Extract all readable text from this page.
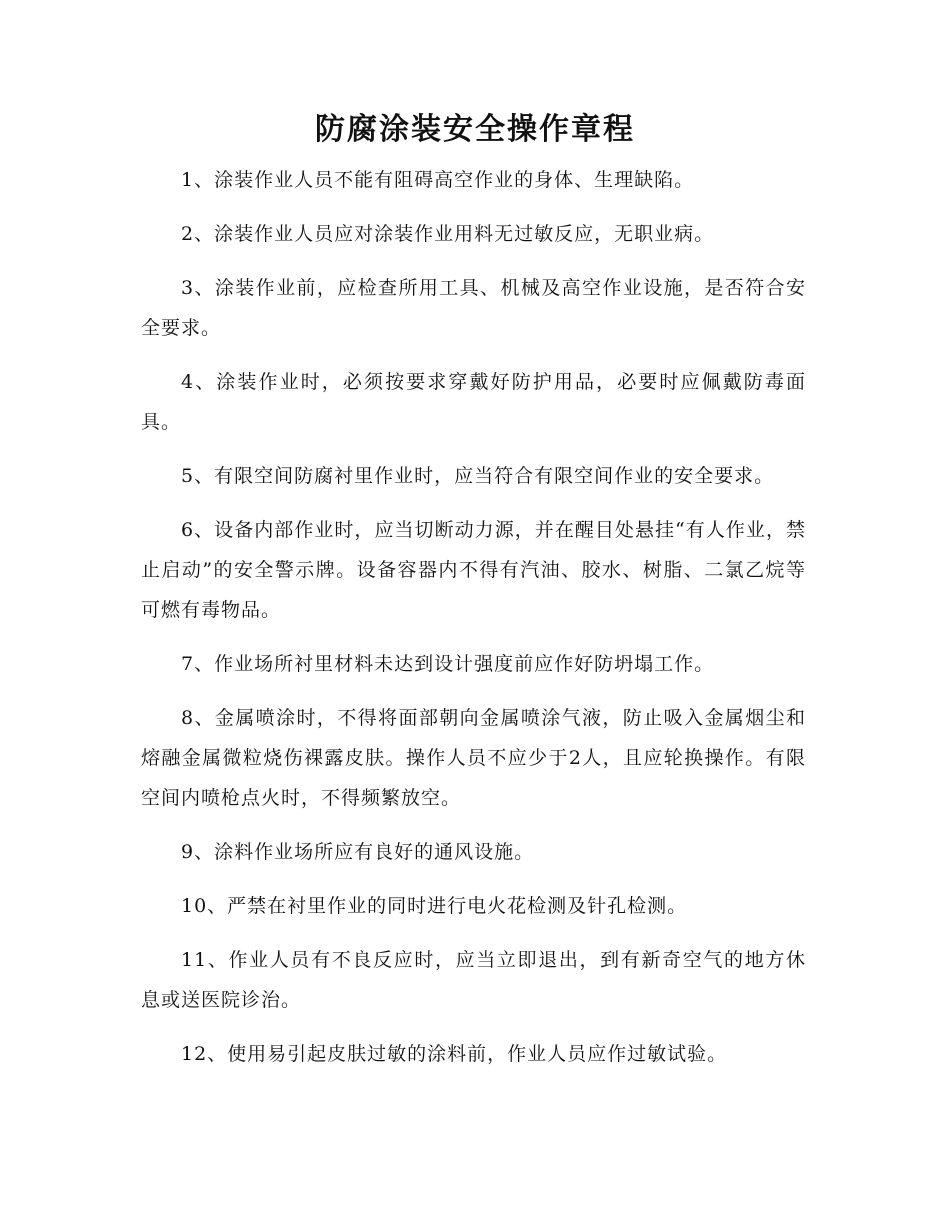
防腐涂装安全操作章程

1、涂装作业人员不能有阻碍高空作业的身体、生理缺陷。

2、涂装作业人员应对涂装作业用料无过敏反应，无职业病。

3、涂装作业前，应检查所用工具、机械及高空作业设施，是否符合安全要求。

4、涂装作业时，必须按要求穿戴好防护用品，必要时应佩戴防毒面具。

5、有限空间防腐衬里作业时，应当符合有限空间作业的安全要求。

6、设备内部作业时，应当切断动力源，并在醒目处悬挂“有人作业，禁止启动”的安全警示牌。设备容器内不得有汽油、胶水、树脂、二氯乙烷等可燃有毒物品。

7、作业场所衬里材料未达到设计强度前应作好防坍塌工作。

8、金属喷涂时，不得将面部朝向金属喷涂气液，防止吸入金属烟尘和熔融金属微粒烧伤裸露皮肤。操作人员不应少于2人，且应轮换操作。有限空间内喷枪点火时，不得频繁放空。

9、涂料作业场所应有良好的通风设施。

10、严禁在衬里作业的同时进行电火花检测及针孔检测。

11、作业人员有不良反应时，应当立即退出，到有新奇空气的地方休息或送医院诊治。

12、使用易引起皮肤过敏的涂料前，作业人员应作过敏试验。
